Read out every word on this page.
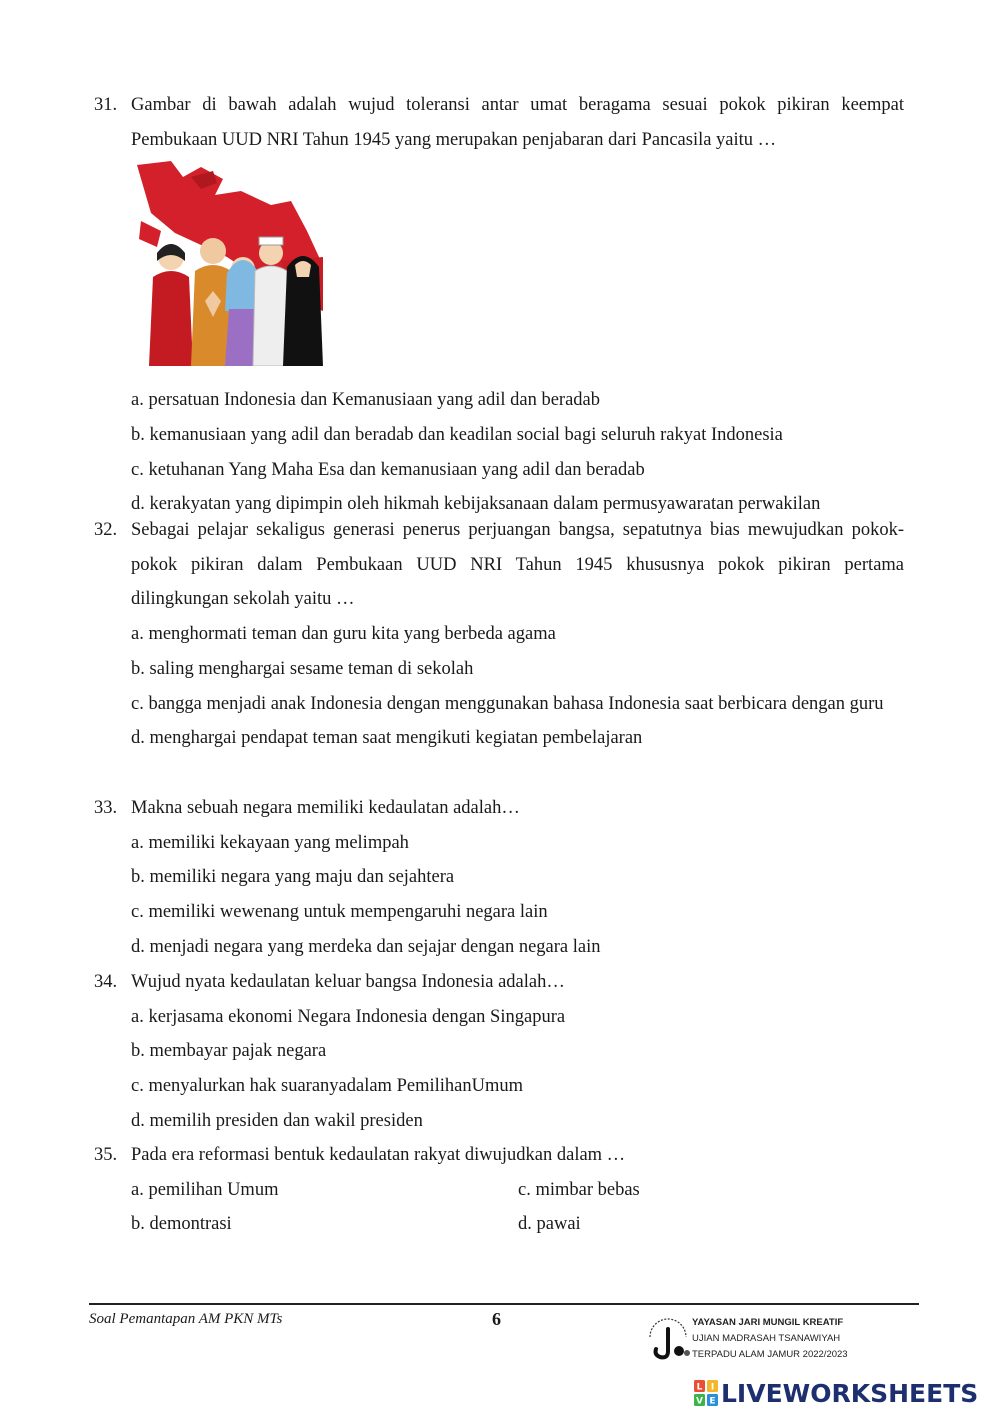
31. Gambar di bawah adalah wujud toleransi antar umat beragama sesuai pokok pikiran keempat Pembukaan UUD NRI Tahun 1945 yang merupakan penjabaran dari Pancasila yaitu …
a. persatuan Indonesia dan Kemanusiaan yang adil dan beradab
b. kemanusiaan yang adil dan beradab dan keadilan social bagi seluruh rakyat Indonesia
c. ketuhanan Yang Maha Esa dan kemanusiaan yang adil dan beradab
d. kerakyatan yang dipimpin oleh hikmah kebijaksanaan dalam permusyawaratan perwakilan
32. Sebagai pelajar sekaligus generasi penerus perjuangan bangsa, sepatutnya bias mewujudkan pokok-pokok pikiran dalam Pembukaan UUD NRI Tahun 1945 khususnya pokok pikiran pertama dilingkungan sekolah yaitu …
a. menghormati teman dan guru kita yang berbeda agama
b. saling menghargai sesame teman di sekolah
c. bangga menjadi anak Indonesia dengan menggunakan bahasa Indonesia saat berbicara dengan guru
d. menghargai pendapat teman saat mengikuti kegiatan pembelajaran
33. Makna sebuah negara memiliki kedaulatan adalah…
a. memiliki kekayaan yang melimpah
b. memiliki negara yang maju dan sejahtera
c. memiliki wewenang untuk mempengaruhi negara lain
d. menjadi negara yang merdeka dan sejajar dengan negara lain
34. Wujud nyata kedaulatan keluar bangsa Indonesia adalah…
a. kerjasama ekonomi Negara Indonesia dengan Singapura
b. membayar pajak negara
c. menyalurkan hak suaranyadalam PemilihanUmum
d. memilih presiden dan wakil presiden
35. Pada era reformasi bentuk kedaulatan rakyat diwujudkan dalam …
a. pemilihan Umum	c. mimbar bebas
b. demontrasi	d. pawai
Soal Pemantapan AM PKN MTs	6	YAYASAN JARI MUNGIL KREATIF
UJIAN MADRASAH TSANAWIYAH
TERPADU ALAM JAMUR 2022/2023
L I
V E LIVEWORKSHEETS
